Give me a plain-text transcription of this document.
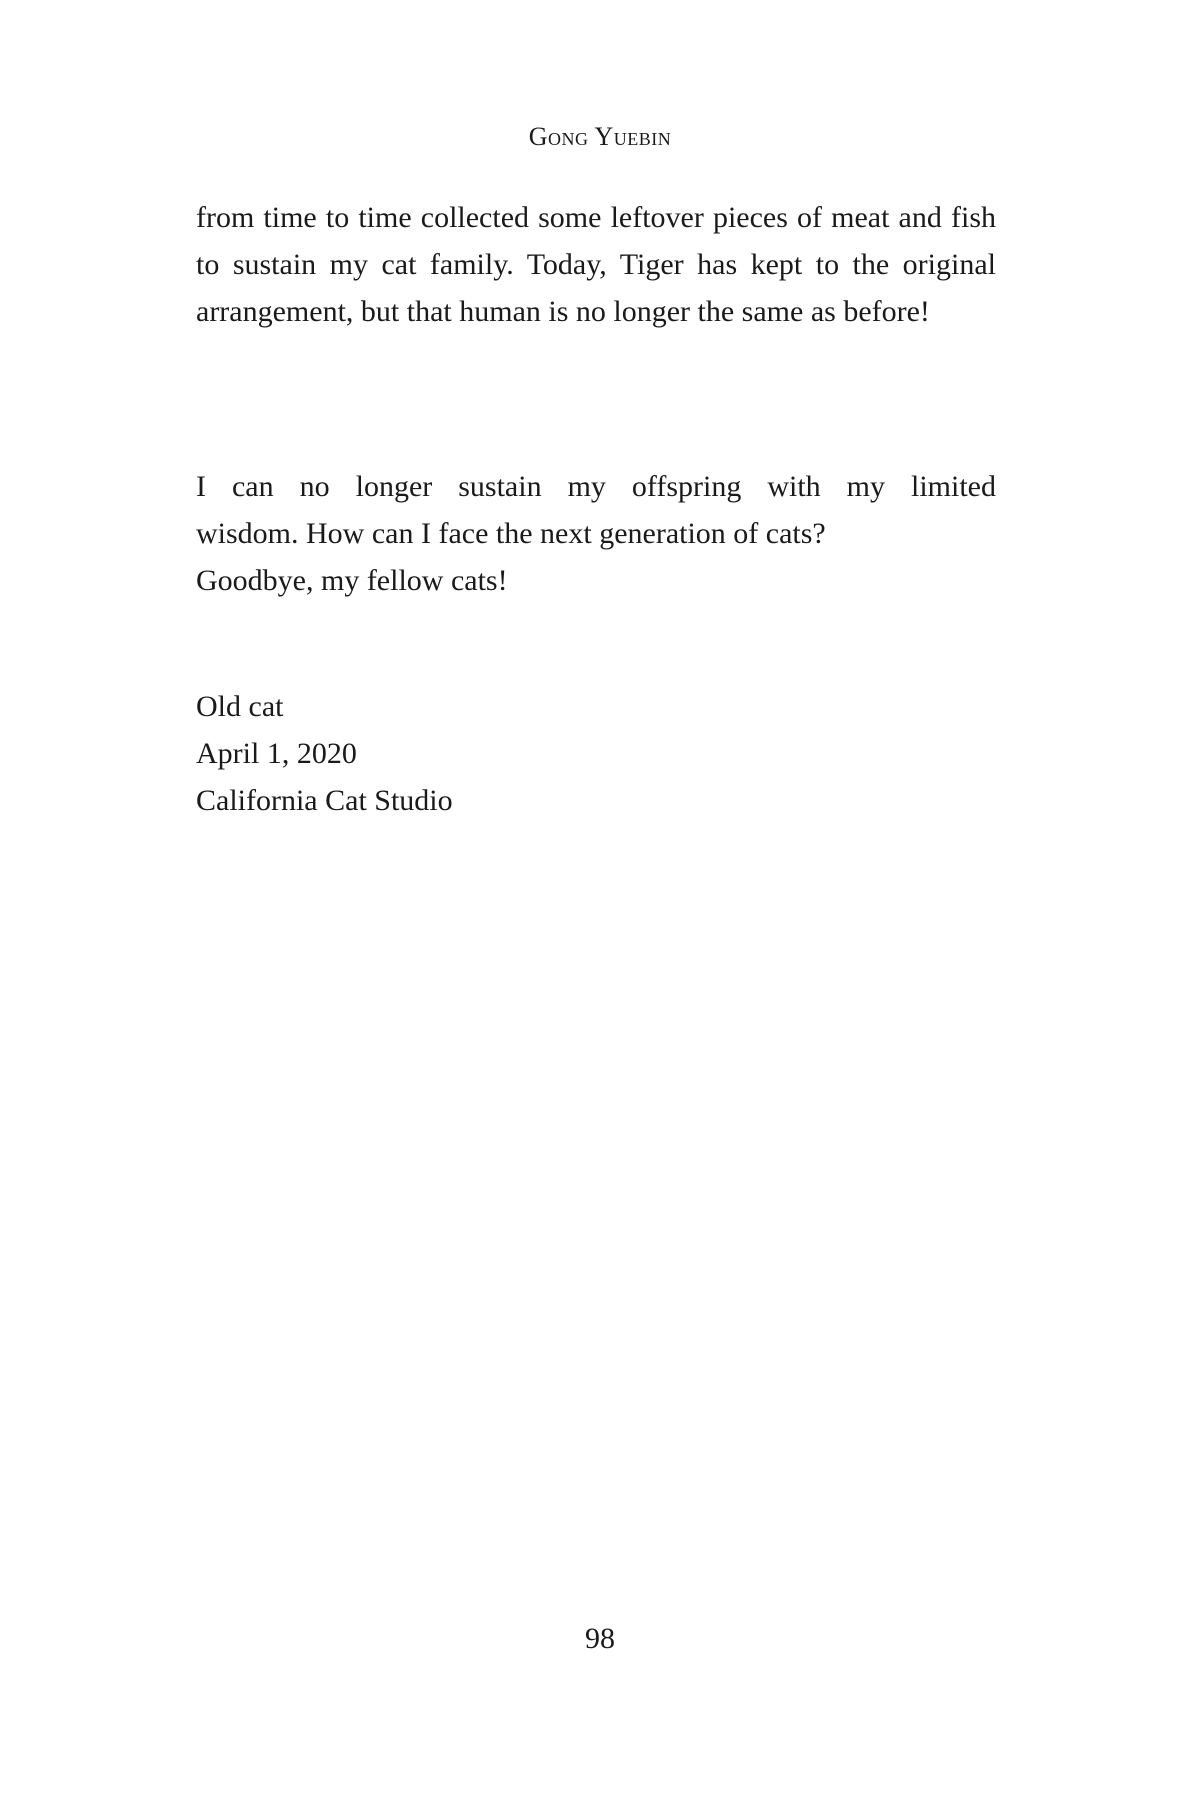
Gong Yuebin

from time to time collected some leftover pieces of meat and fish to sustain my cat family. Today, Tiger has kept to the original arrangement, but that human is no longer the same as before!

I can no longer sustain my offspring with my limited
wisdom. How can I face the next generation of cats?
Goodbye, my fellow cats!
Old cat
April 1, 2020
California Cat Studio
98
